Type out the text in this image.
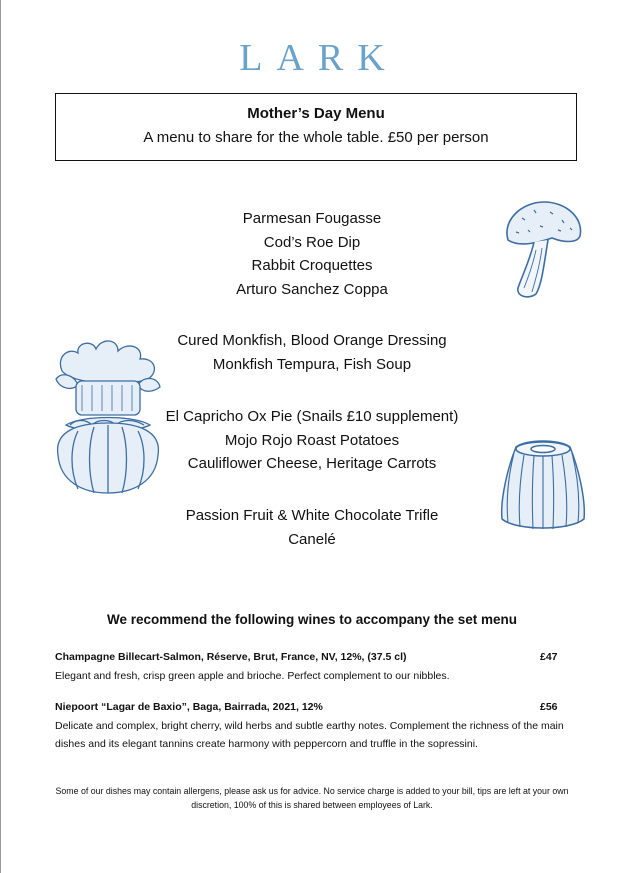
LARK
Mother’s Day Menu
A menu to share for the whole table. £50 per person
Parmesan Fougasse
Cod’s Roe Dip
Rabbit Croquettes
Arturo Sanchez Coppa
Cured Monkfish, Blood Orange Dressing
Monkfish Tempura, Fish Soup
El Capricho Ox Pie (Snails £10 supplement)
Mojo Rojo Roast Potatoes
Cauliflower Cheese, Heritage Carrots
Passion Fruit & White Chocolate Trifle
Canelé
We recommend the following wines to accompany the set menu
Champagne Billecart-Salmon, Réserve, Brut, France, NV, 12%, (37.5 cl)	£47
Elegant and fresh, crisp green apple and brioche. Perfect complement to our nibbles.
Niepoort “Lagar de Baxio”, Baga, Bairrada, 2021, 12%	£56
Delicate and complex, bright cherry, wild herbs and subtle earthy notes. Complement the richness of the main dishes and its elegant tannins create harmony with peppercorn and truffle in the sopressini.
Some of our dishes may contain allergens, please ask us for advice. No service charge is added to your bill, tips are left at your own discretion, 100% of this is shared between employees of Lark.
